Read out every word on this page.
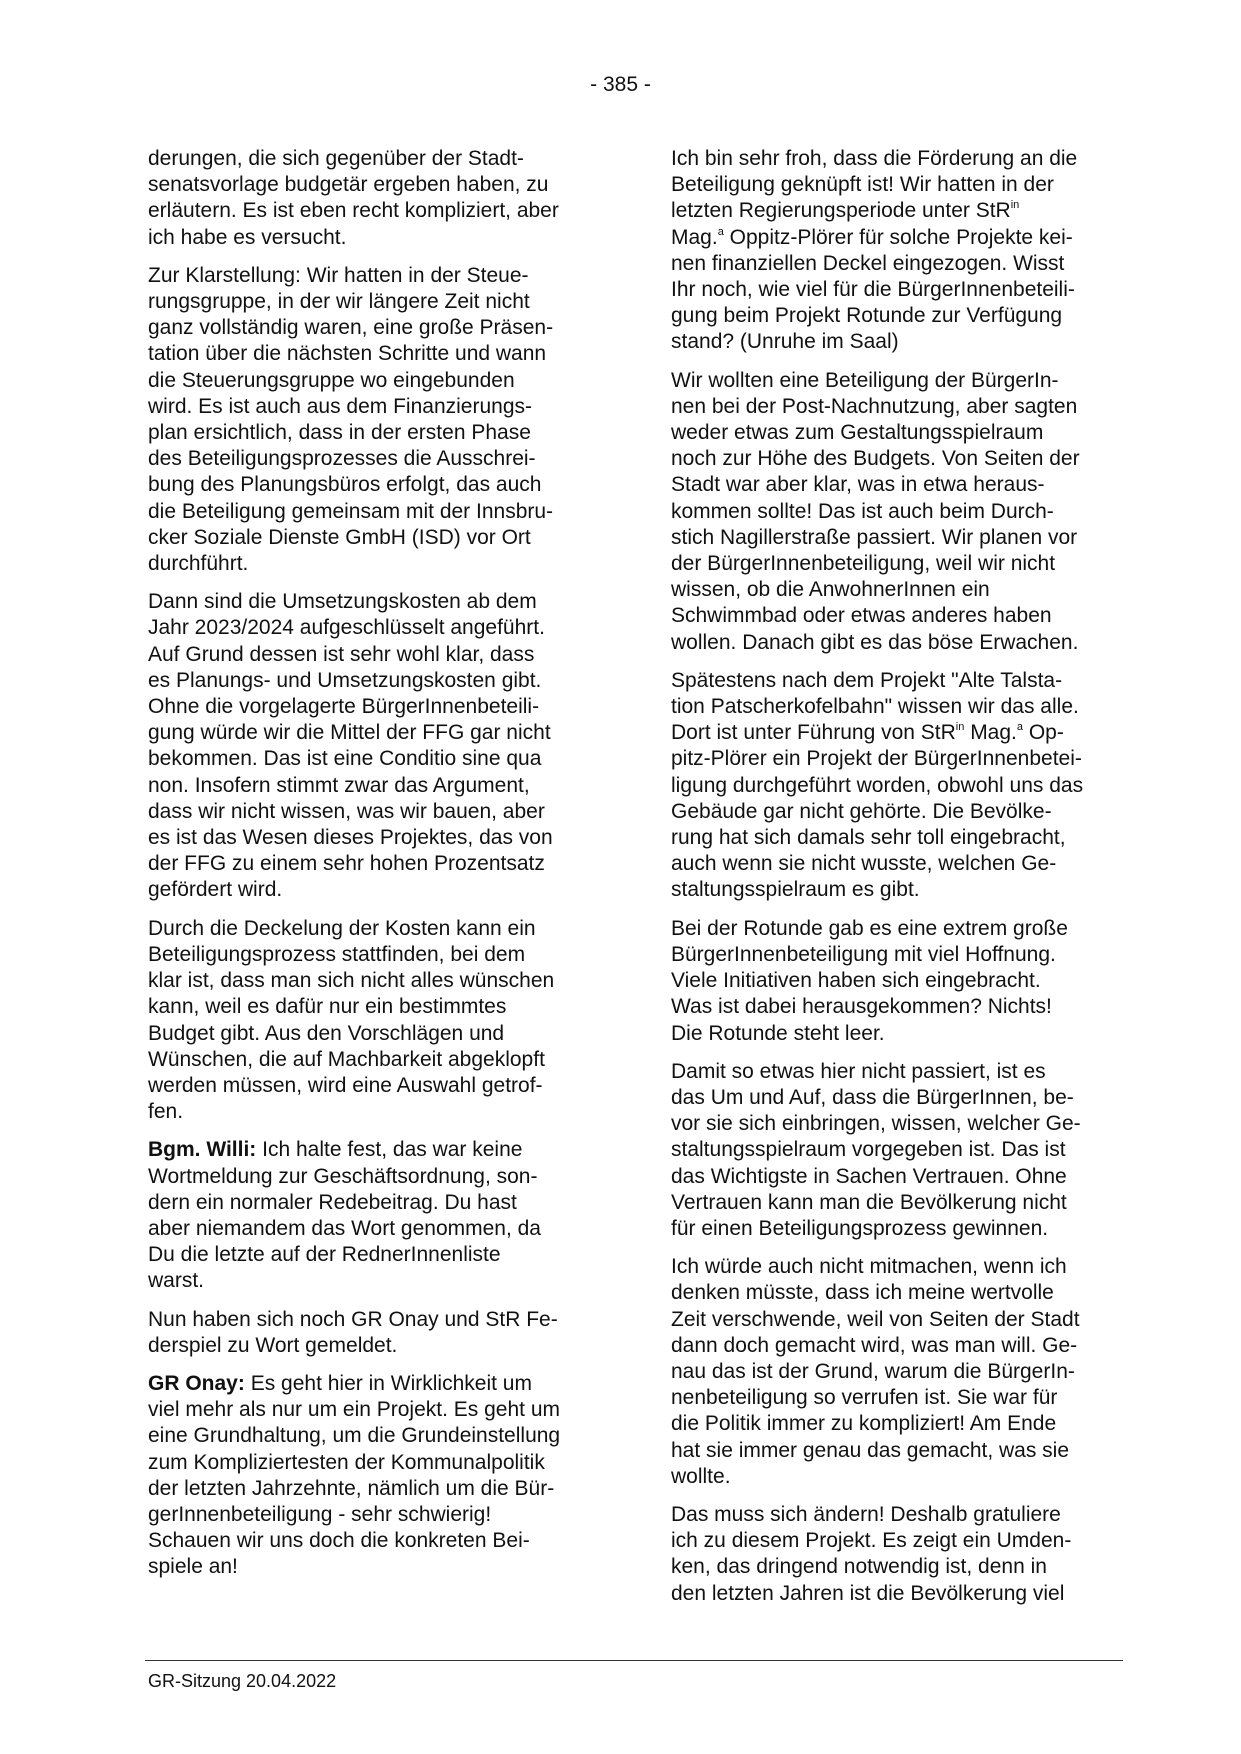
- 385 -

derungen, die sich gegenüber der Stadt-
senatsvorlage budgetär ergeben haben, zu
erläutern. Es ist eben recht kompliziert, aber
ich habe es versucht.

Zur Klarstellung: Wir hatten in der Steue-
rungsgruppe, in der wir längere Zeit nicht
ganz vollständig waren, eine große Präsen-
tation über die nächsten Schritte und wann
die Steuerungsgruppe wo eingebunden
wird. Es ist auch aus dem Finanzierungs-
plan ersichtlich, dass in der ersten Phase
des Beteiligungsprozesses die Ausschrei-
bung des Planungsbüros erfolgt, das auch
die Beteiligung gemeinsam mit der Innsbru-
cker Soziale Dienste GmbH (ISD) vor Ort
durchführt.

Dann sind die Umsetzungskosten ab dem
Jahr 2023/2024 aufgeschlüsselt angeführt.
Auf Grund dessen ist sehr wohl klar, dass
es Planungs- und Umsetzungskosten gibt.
Ohne die vorgelagerte BürgerInnenbeteili-
gung würde wir die Mittel der FFG gar nicht
bekommen. Das ist eine Conditio sine qua
non. Insofern stimmt zwar das Argument,
dass wir nicht wissen, was wir bauen, aber
es ist das Wesen dieses Projektes, das von
der FFG zu einem sehr hohen Prozentsatz
gefördert wird.

Durch die Deckelung der Kosten kann ein
Beteiligungsprozess stattfinden, bei dem
klar ist, dass man sich nicht alles wünschen
kann, weil es dafür nur ein bestimmtes
Budget gibt. Aus den Vorschlägen und
Wünschen, die auf Machbarkeit abgeklopft
werden müssen, wird eine Auswahl getrof-
fen.

Bgm. Willi: Ich halte fest, das war keine
Wortmeldung zur Geschäftsordnung, son-
dern ein normaler Redebeitrag. Du hast
aber niemandem das Wort genommen, da
Du die letzte auf der RednerInnenliste
warst.

Nun haben sich noch GR Onay und StR Fe-
derspiel zu Wort gemeldet.

GR Onay: Es geht hier in Wirklichkeit um
viel mehr als nur um ein Projekt. Es geht um
eine Grundhaltung, um die Grundeinstellung
zum Kompliziertesten der Kommunalpolitik
der letzten Jahrzehnte, nämlich um die Bür-
gerInnenbeteiligung - sehr schwierig!
Schauen wir uns doch die konkreten Bei-
spiele an!

Ich bin sehr froh, dass die Förderung an die
Beteiligung geknüpft ist! Wir hatten in der
letzten Regierungsperiode unter StR$^{in}$
Mag.$^a$ Oppitz-Plörer für solche Projekte kei-
nen finanziellen Deckel eingezogen. Wisst
Ihr noch, wie viel für die BürgerInnenbeteili-
gung beim Projekt Rotunde zur Verfügung
stand? (Unruhe im Saal)

Wir wollten eine Beteiligung der BürgerIn-
nen bei der Post-Nachnutzung, aber sagten
weder etwas zum Gestaltungsspielraum
noch zur Höhe des Budgets. Von Seiten der
Stadt war aber klar, was in etwa heraus-
kommen sollte! Das ist auch beim Durch-
stich Nagillerstraße passiert. Wir planen vor
der BürgerInnenbeteiligung, weil wir nicht
wissen, ob die AnwohnerInnen ein
Schwimmbad oder etwas anderes haben
wollen. Danach gibt es das böse Erwachen.

Spätestens nach dem Projekt "Alte Talsta-
tion Patscherkofelbahn" wissen wir das alle.
Dort ist unter Führung von StR$^{in}$ Mag.$^a$ Op-
pitz-Plörer ein Projekt der BürgerInnenbetei-
ligung durchgeführt worden, obwohl uns das
Gebäude gar nicht gehörte. Die Bevölke-
rung hat sich damals sehr toll eingebracht,
auch wenn sie nicht wusste, welchen Ge-
staltungsspielraum es gibt.

Bei der Rotunde gab es eine extrem große
BürgerInnenbeteiligung mit viel Hoffnung.
Viele Initiativen haben sich eingebracht.
Was ist dabei herausgekommen? Nichts!
Die Rotunde steht leer.

Damit so etwas hier nicht passiert, ist es
das Um und Auf, dass die BürgerInnen, be-
vor sie sich einbringen, wissen, welcher Ge-
staltungsspielraum vorgegeben ist. Das ist
das Wichtigste in Sachen Vertrauen. Ohne
Vertrauen kann man die Bevölkerung nicht
für einen Beteiligungsprozess gewinnen.

Ich würde auch nicht mitmachen, wenn ich
denken müsste, dass ich meine wertvolle
Zeit verschwende, weil von Seiten der Stadt
dann doch gemacht wird, was man will. Ge-
nau das ist der Grund, warum die BürgerIn-
nenbeteiligung so verrufen ist. Sie war für
die Politik immer zu kompliziert! Am Ende
hat sie immer genau das gemacht, was sie
wollte.

Das muss sich ändern! Deshalb gratuliere
ich zu diesem Projekt. Es zeigt ein Umden-
ken, das dringend notwendig ist, denn in
den letzten Jahren ist die Bevölkerung viel

GR-Sitzung 20.04.2022
